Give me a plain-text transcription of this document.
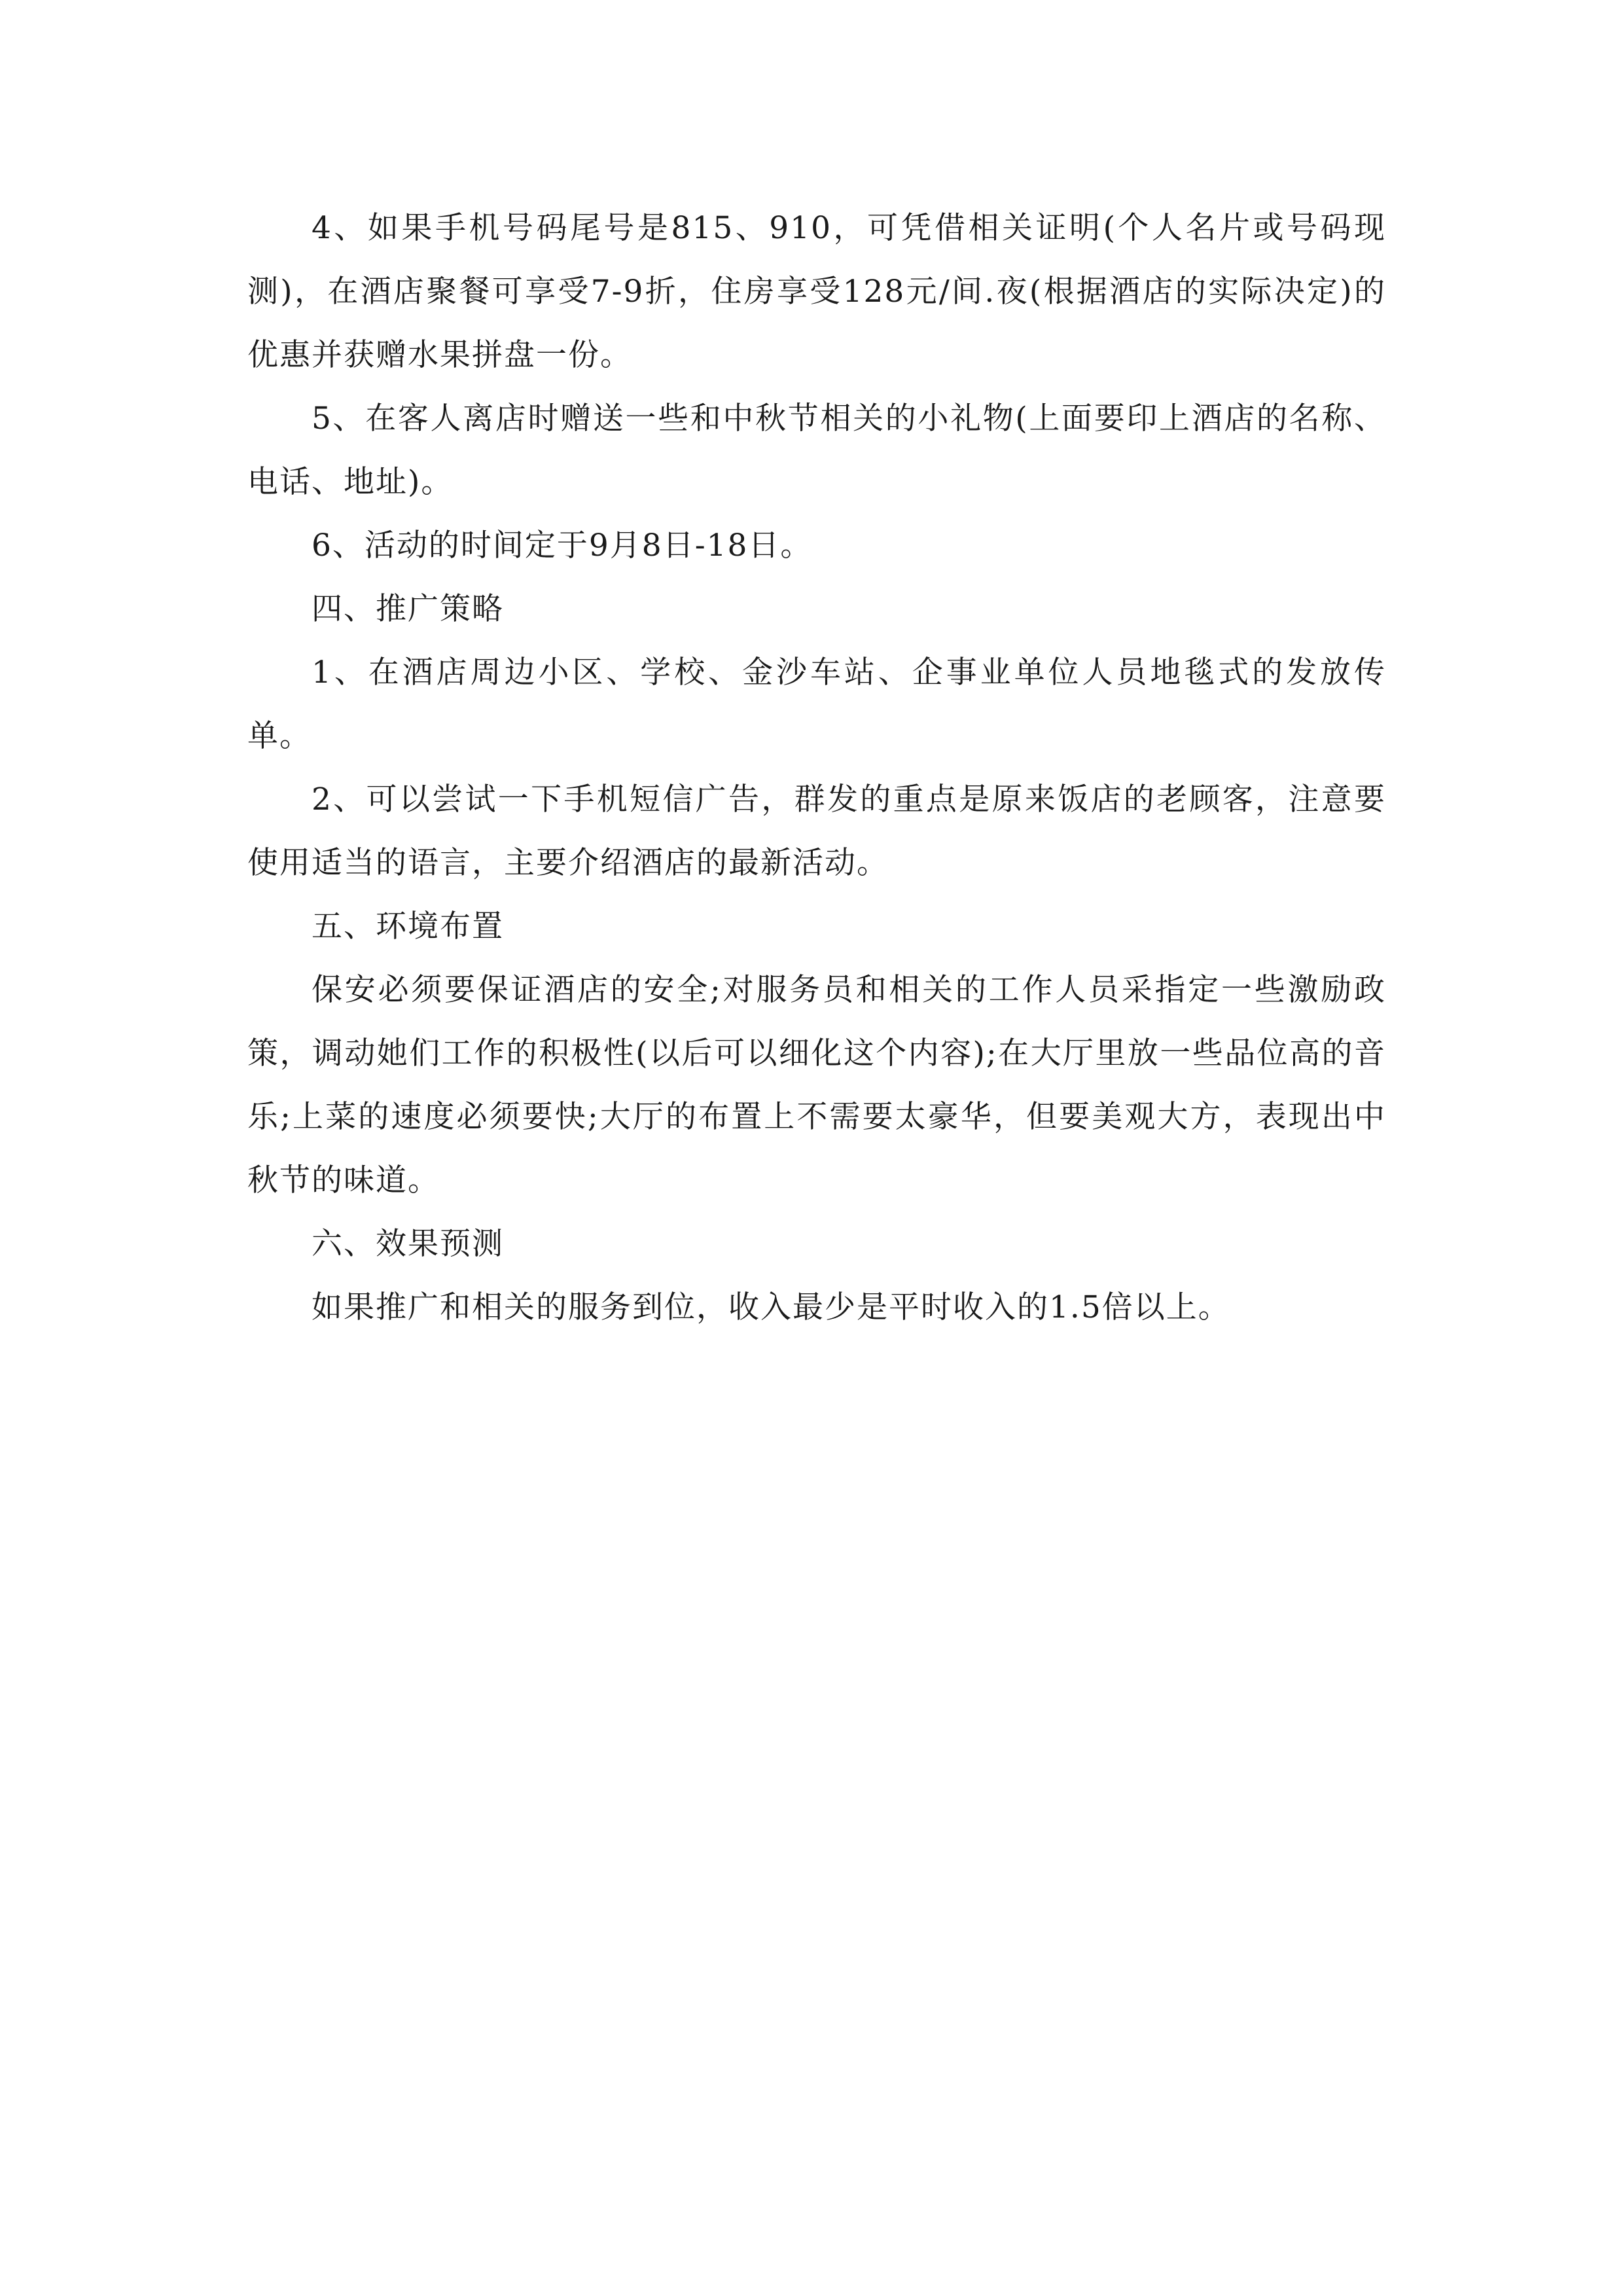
4、如果手机号码尾号是815、910，可凭借相关证明(个人名片或号码现测)，在酒店聚餐可享受7-9折，住房享受128元/间.夜(根据酒店的实际决定)的优惠并获赠水果拼盘一份。

5、在客人离店时赠送一些和中秋节相关的小礼物(上面要印上酒店的名称、电话、地址)。

6、活动的时间定于9月8日-18日。

四、推广策略

1、在酒店周边小区、学校、金沙车站、企事业单位人员地毯式的发放传单。

2、可以尝试一下手机短信广告，群发的重点是原来饭店的老顾客，注意要使用适当的语言，主要介绍酒店的最新活动。

五、环境布置

保安必须要保证酒店的安全;对服务员和相关的工作人员采指定一些激励政策，调动她们工作的积极性(以后可以细化这个内容);在大厅里放一些品位高的音乐;上菜的速度必须要快;大厅的布置上不需要太豪华，但要美观大方，表现出中秋节的味道。

六、效果预测

如果推广和相关的服务到位，收入最少是平时收入的1.5倍以上。
